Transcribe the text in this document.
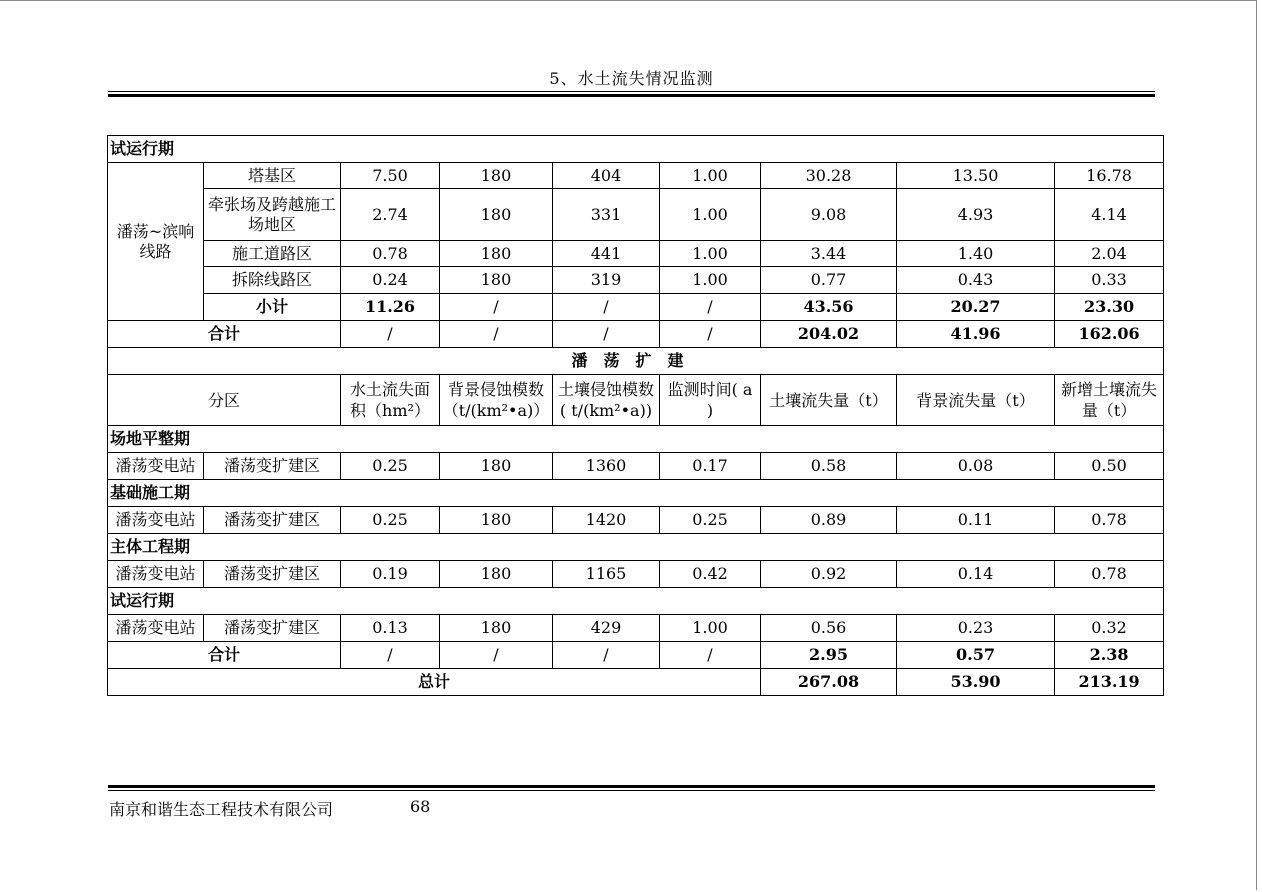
5、水土流失情况监测
试运行期								
潘荡~滨响线路	塔基区	7.50	180	404	1.00	30.28	13.50	16.78
	牵张场及跨越施工场地区	2.74	180	331	1.00	9.08	4.93	4.14
	施工道路区	0.78	180	441	1.00	3.44	1.40	2.04
	拆除线路区	0.24	180	319	1.00	0.77	0.43	0.33
	小计	11.26	/	/	/	43.56	20.27	23.30
合计		/	/	/	/	204.02	41.96	162.06
潘荡扩建								
分区		水土流失面积（hm²）	背景侵蚀模数（t/(km²•a)）	土壤侵蚀模数( t/(km²•a))	监测时间( a )	土壤流失量（t）	背景流失量（t）	新增土壤流失量（t）
场地平整期								
潘荡变电站	潘荡变扩建区	0.25	180	1360	0.17	0.58	0.08	0.50
基础施工期								
潘荡变电站	潘荡变扩建区	0.25	180	1420	0.25	0.89	0.11	0.78
主体工程期								
潘荡变电站	潘荡变扩建区	0.19	180	1165	0.42	0.92	0.14	0.78
试运行期								
潘荡变电站	潘荡变扩建区	0.13	180	429	1.00	0.56	0.23	0.32
合计		/	/	/	/	2.95	0.57	2.38
总计						267.08	53.90	213.19
南京和谐生态工程技术有限公司	68
